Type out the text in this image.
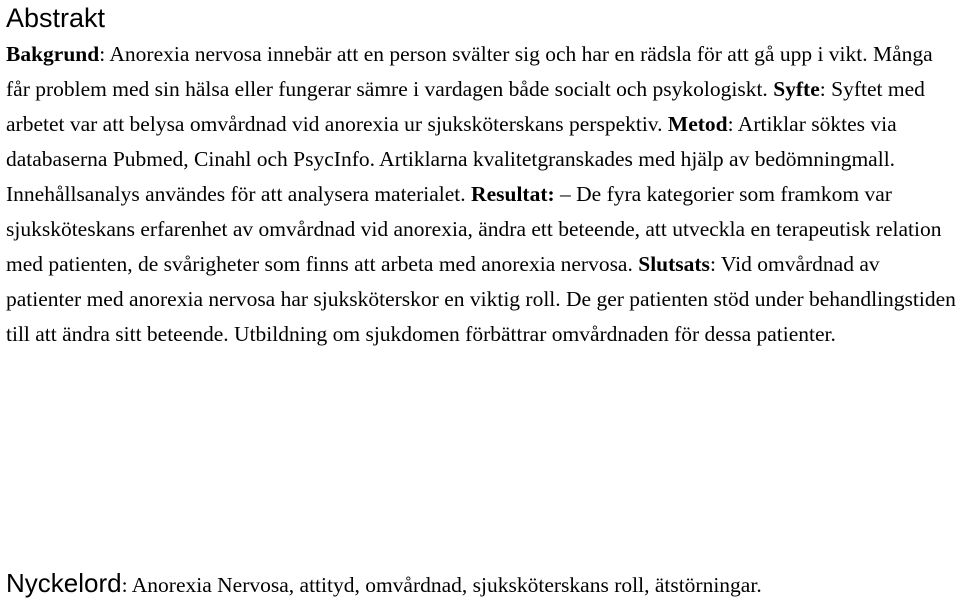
Abstrakt

Bakgrund: Anorexia nervosa innebär att en person svälter sig och har en rädsla för att gå upp i vikt. Många får problem med sin hälsa eller fungerar sämre i vardagen både socialt och psykologiskt. Syfte: Syftet med arbetet var att belysa omvårdnad vid anorexia ur sjuksköterskans perspektiv. Metod: Artiklar söktes via databaserna Pubmed, Cinahl och PsycInfo. Artiklarna kvalitetgranskades med hjälp av bedömningmall. Innehållsanalys användes för att analysera materialet. Resultat: – De fyra kategorier som framkom var sjuksköteskans erfarenhet av omvårdnad vid anorexia, ändra ett beteende, att utveckla en terapeutisk relation med patienten, de svårigheter som finns att arbeta med anorexia nervosa. Slutsats: Vid omvårdnad av patienter med anorexia nervosa har sjuksköterskor en viktig roll. De ger patienten stöd under behandlingstiden till att ändra sitt beteende. Utbildning om sjukdomen förbättrar omvårdnaden för dessa patienter.

Nyckelord: Anorexia Nervosa, attityd, omvårdnad, sjuksköterskans roll, ätstörningar.
